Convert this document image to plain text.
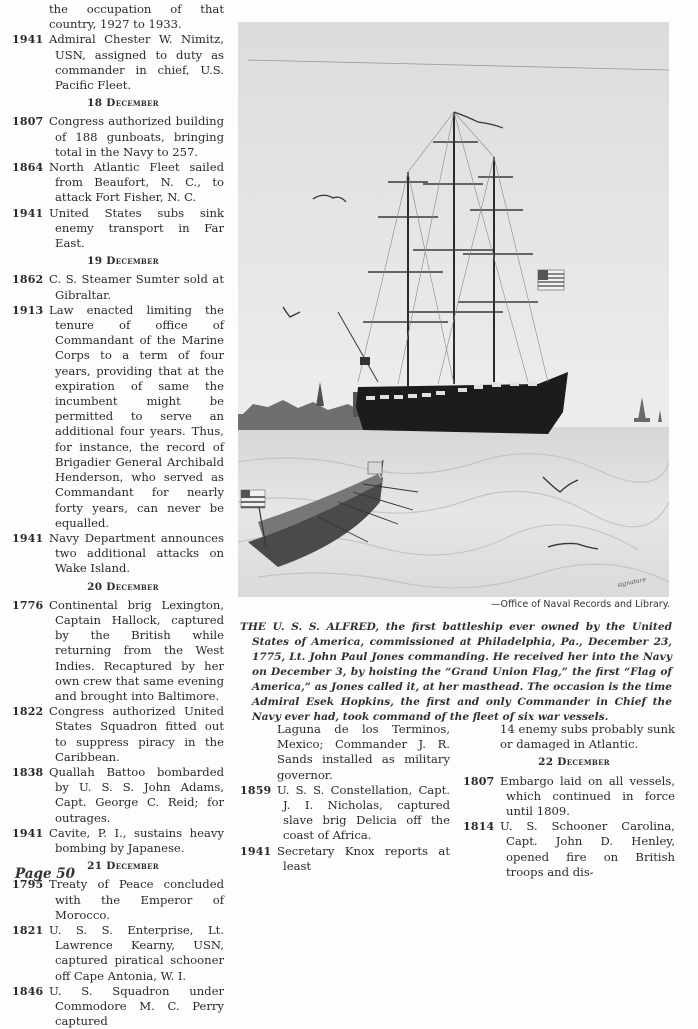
the occupation of that country, 1927 to 1933.
1941 Admiral Chester W. Nimitz, USN, assigned to duty as commander in chief, U.S. Pacific Fleet.
18 December
1807 Congress authorized building of 188 gunboats, bringing total in the Navy to 257.
1864 North Atlantic Fleet sailed from Beaufort, N. C., to attack Fort Fisher, N. C.
1941 United States subs sink enemy transport in Far East.
19 December
1862 C. S. Steamer Sumter sold at Gibraltar.
1913 Law enacted limiting the tenure of office of Commandant of the Marine Corps to a term of four years, providing that at the expiration of same the incumbent might be permitted to serve an additional four years. Thus, for instance, the record of Brigadier General Archibald Henderson, who served as Commandant for nearly forty years, can never be equalled.
1941 Navy Department announces two additional attacks on Wake Island.
20 December
1776 Continental brig Lexington, Captain Hallock, captured by the British while returning from the West Indies. Recaptured by her own crew that same evening and brought into Baltimore.
1822 Congress authorized United States Squadron fitted out to suppress piracy in the Caribbean.
1838 Quallah Battoo bombarded by U. S. S. John Adams, Capt. George C. Reid; for outrages.
1941 Cavite, P. I., sustains heavy bombing by Japanese.
21 December
1795 Treaty of Peace concluded with the Emperor of Morocco.
1821 U. S. S. Enterprise, Lt. Lawrence Kearny, USN, captured piratical schooner off Cape Antonia, W. I.
1846 U. S. Squadron under Commodore M. C. Perry captured
signature
—Office of Naval Records and Library.
THE U. S. S. ALFRED, the first battleship ever owned by the United States of America, commissioned at Philadelphia, Pa., December 23, 1775, Lt. John Paul Jones commanding. He received her into the Navy on December 3, by hoisting the “Grand Union Flag,” the first “Flag of America,” as Jones called it, at her masthead. The occasion is the time Admiral Esek Hopkins, the first and only Commander in Chief the Navy ever had, took command of the fleet of six war vessels.
Laguna de los Terminos, Mexico; Commander J. R. Sands installed as military governor.
1859 U. S. S. Constellation, Capt. J. I. Nicholas, captured slave brig Delicia off the coast of Africa.
1941 Secretary Knox reports at least
14 enemy subs probably sunk or damaged in Atlantic.
22 December
1807 Embargo laid on all vessels, which continued in force until 1809.
1814 U. S. Schooner Carolina, Capt. John D. Henley, opened fire on British troops and dis-
Page 50
